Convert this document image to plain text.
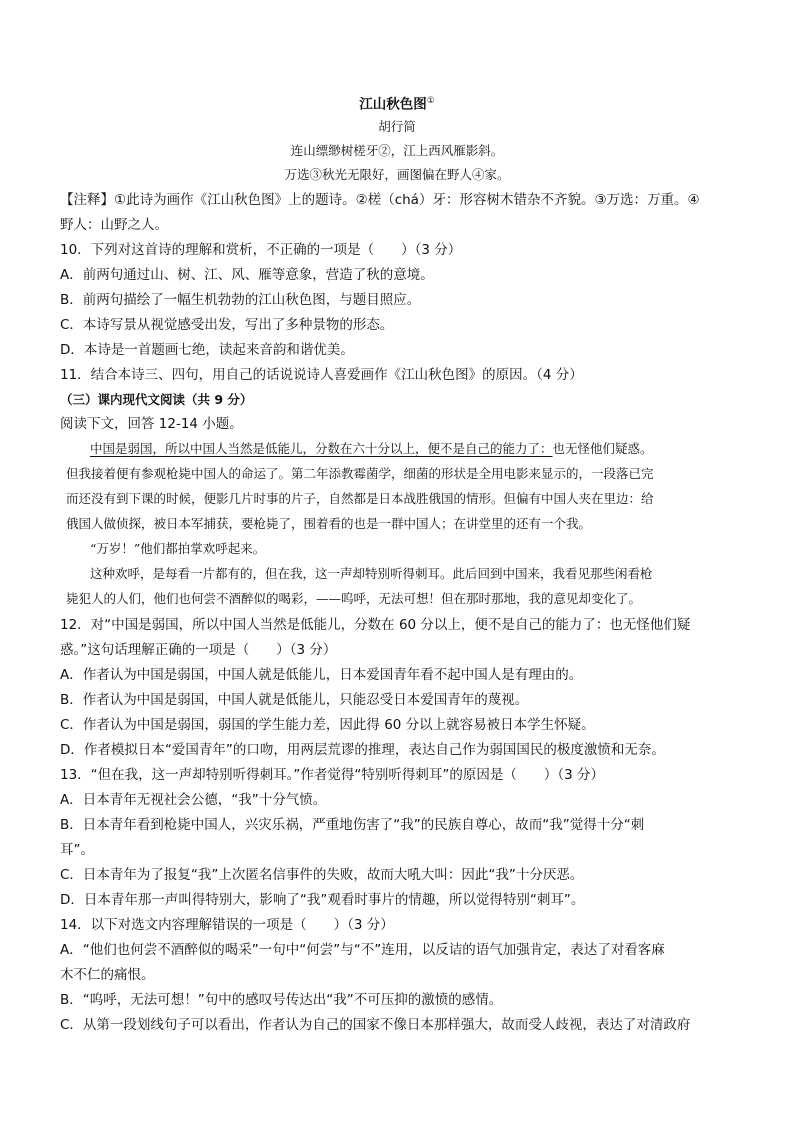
江山秋色图①
胡行简
连山缥缈树槎牙②，江上西风雁影斜。
万选③秋光无限好，画图偏在野人④家。
【注释】①此诗为画作《江山秋色图》上的题诗。②槎（chá）牙：形容树木错杂不齐貌。③万选：万重。④
野人：山野之人。
10．下列对这首诗的理解和赏析，不正确的一项是（　　）（3 分）
A．前两句通过山、树、江、风、雁等意象，营造了秋的意境。
B．前两句描绘了一幅生机勃勃的江山秋色图，与题目照应。
C．本诗写景从视觉感受出发，写出了多种景物的形态。
D．本诗是一首题画七绝，读起来音韵和谐优美。
11．结合本诗三、四句，用自己的话说说诗人喜爱画作《江山秋色图》的原因。（4 分）
（三）课内现代文阅读（共 9 分）
阅读下文，回答 12-14 小题。
中国是弱国，所以中国人当然是低能儿，分数在六十分以上，便不是自己的能力了：也无怪他们疑惑。
但我接着便有参观枪毙中国人的命运了。第二年添教霉菌学，细菌的形状是全用电影来显示的，一段落已完
而还没有到下课的时候，便影几片时事的片子，自然都是日本战胜俄国的情形。但偏有中国人夹在里边：给
俄国人做侦探，被日本军捕获，要枪毙了，围着看的也是一群中国人；在讲堂里的还有一个我。
“万岁！”他们都拍掌欢呼起来。
这种欢呼，是每看一片都有的，但在我，这一声却特别听得刺耳。此后回到中国来，我看见那些闲看枪
毙犯人的人们，他们也何尝不酒醉似的喝彩，——呜呼，无法可想！但在那时那地，我的意见却变化了。
12．对“中国是弱国，所以中国人当然是低能儿，分数在 60 分以上，便不是自己的能力了：也无怪他们疑
惑。”这句话理解正确的一项是（　　）（3 分）
A．作者认为中国是弱国，中国人就是低能儿，日本爱国青年看不起中国人是有理由的。
B．作者认为中国是弱国，中国人就是低能儿，只能忍受日本爱国青年的蔑视。
C．作者认为中国是弱国，弱国的学生能力差，因此得 60 分以上就容易被日本学生怀疑。
D．作者模拟日本“爱国青年”的口吻，用两层荒谬的推理，表达自己作为弱国国民的极度激愤和无奈。
13．“但在我，这一声却特别听得刺耳。”作者觉得“特别听得刺耳”的原因是（　　）（3 分）
A．日本青年无视社会公德，“我”十分气愤。
B．日本青年看到枪毙中国人，兴灾乐祸，严重地伤害了“我”的民族自尊心，故而“我”觉得十分“刺
耳”。
C．日本青年为了报复“我”上次匿名信事件的失败，故而大吼大叫：因此“我”十分厌恶。
D．日本青年那一声叫得特别大，影响了“我”观看时事片的情趣，所以觉得特别“刺耳”。
14．以下对选文内容理解错误的一项是（　　）（3 分）
A．“他们也何尝不酒醉似的喝采”一句中“何尝”与“不”连用，以反诘的语气加强肯定，表达了对看客麻
木不仁的痛恨。
B．“呜呼，无法可想！”句中的感叹号传达出“我”不可压抑的激愤的感情。
C．从第一段划线句子可以看出，作者认为自己的国家不像日本那样强大，故而受人歧视，表达了对清政府
